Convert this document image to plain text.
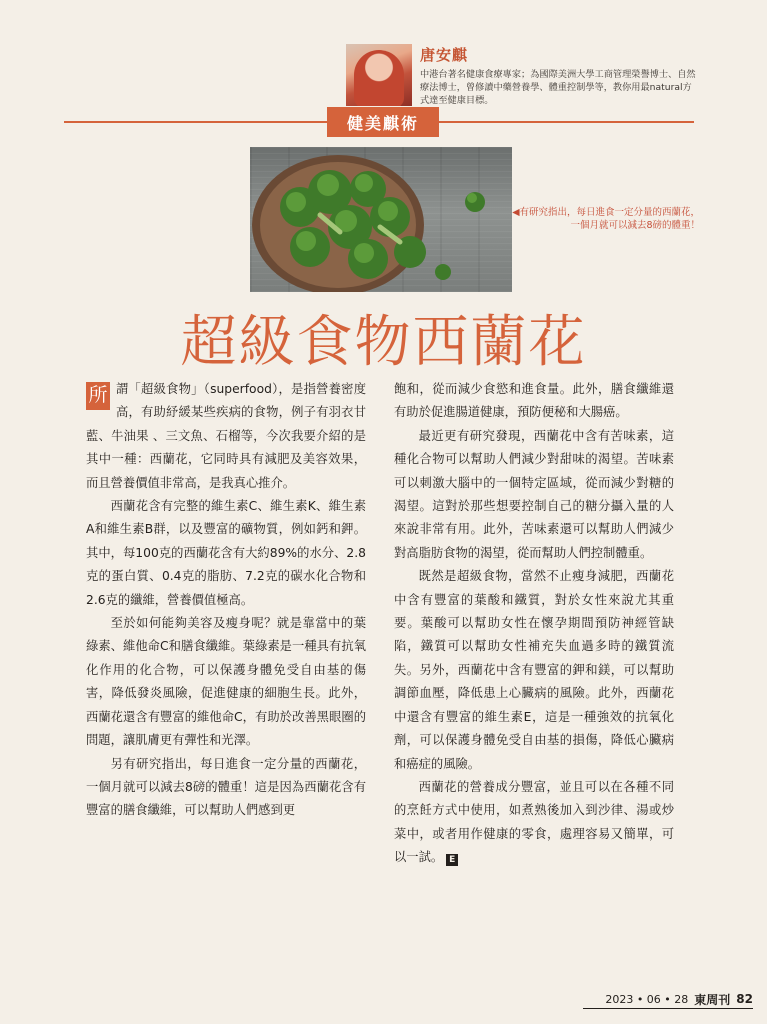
唐安麒
中港台著名健康食療專家；為國際美洲大學工商管理榮譽博士、自然療法博士，曾修讀中藥營養學、體重控制學等，教你用最natural方式達至健康目標。
健美麒術
◀有研究指出，每日進食一定分量的西蘭花，一個月就可以減去8磅的體重！
超級食物西蘭花

所 謂「超級食物」（superfood），是指營養密度高，有助紓緩某些疾病的食物，例子有羽衣甘藍、牛油果 、三文魚、石榴等，今次我要介紹的是其中一種：西蘭花，它同時具有減肥及美容效果，而且營養價值非常高，是我真心推介。

西蘭花含有完整的維生素C、維生素K、維生素A和維生素B群，以及豐富的礦物質，例如鈣和鉀。其中，每100克的西蘭花含有大約89%的水分、2.8克的蛋白質、0.4克的脂肪、7.2克的碳水化合物和2.6克的纖維，營養價值極高。

至於如何能夠美容及瘦身呢？就是靠當中的葉綠素、維他命C和膳食纖維。葉綠素是一種具有抗氧化作用的化合物，可以保護身體免受自由基的傷害，降低發炎風險，促進健康的細胞生長。此外，西蘭花還含有豐富的維他命C，有助於改善黑眼圈的問題，讓肌膚更有彈性和光澤。

另有研究指出，每日進食一定分量的西蘭花，一個月就可以減去8磅的體重！這是因為西蘭花含有豐富的膳食纖維，可以幫助人們感到更

飽和，從而減少食慾和進食量。此外，膳食纖維還有助於促進腸道健康，預防便秘和大腸癌。

最近更有研究發現，西蘭花中含有苦味素，這種化合物可以幫助人們減少對甜味的渴望。苦味素可以刺激大腦中的一個特定區域，從而減少對糖的渴望。這對於那些想要控制自己的糖分攝入量的人來說非常有用。此外，苦味素還可以幫助人們減少對高脂肪食物的渴望，從而幫助人們控制體重。

既然是超級食物，當然不止瘦身減肥，西蘭花中含有豐富的葉酸和鐵質，對於女性來說尤其重要。葉酸可以幫助女性在懷孕期間預防神經管缺陷，鐵質可以幫助女性補充失血過多時的鐵質流失。另外，西蘭花中含有豐富的鉀和鎂，可以幫助調節血壓，降低患上心臟病的風險。此外，西蘭花中還含有豐富的維生素E，這是一種強效的抗氧化劑，可以保護身體免受自由基的損傷，降低心臟病和癌症的風險。

西蘭花的營養成分豐富，並且可以在各種不同的烹飪方式中使用，如煮熟後加入到沙律、湯或炒菜中，或者用作健康的零食，處理容易又簡單，可以一試。 E

2023 • 06 • 28 東周刊 82
